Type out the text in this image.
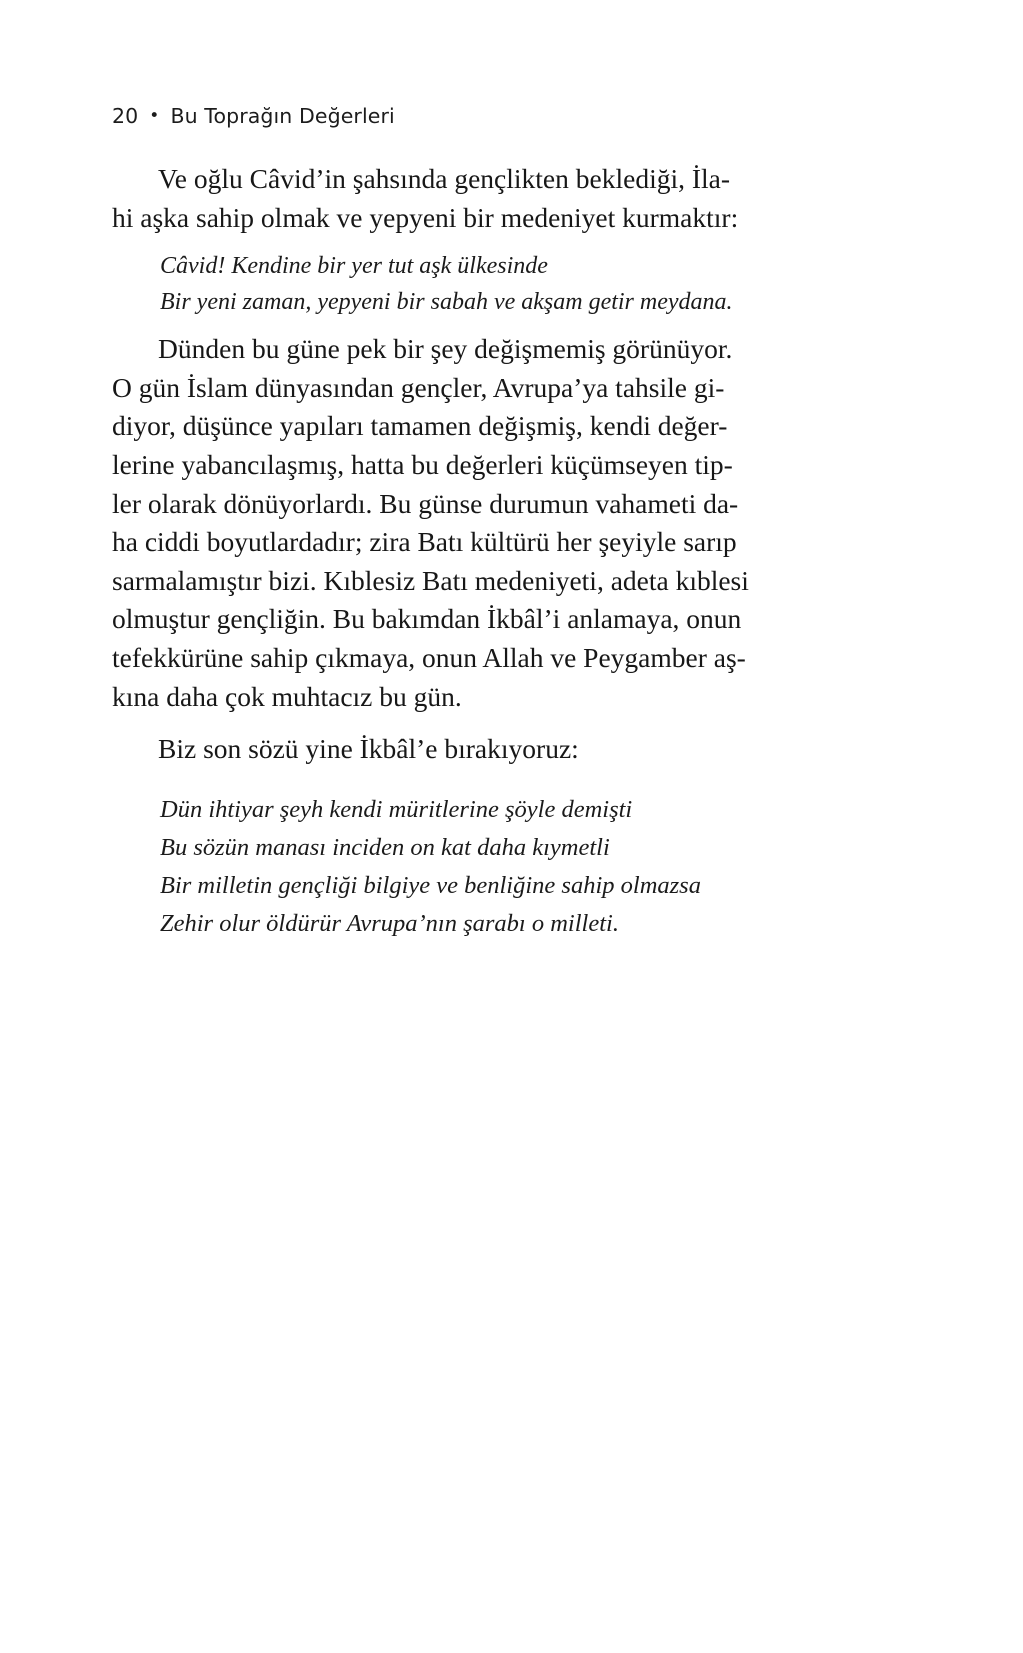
20 • Bu Toprağın Değerleri
Ve oğlu Câvid’in şahsında gençlikten beklediği, İla-
hi aşka sahip olmak ve yepyeni bir medeniyet kurmaktır:
Câvid! Kendine bir yer tut aşk ülkesinde
Bir yeni zaman, yepyeni bir sabah ve akşam getir meydana.
Dünden bu güne pek bir şey değişmemiş görünüyor.
O gün İslam dünyasından gençler, Avrupa’ya tahsile gi-
diyor, düşünce yapıları tamamen değişmiş, kendi değer-
lerine yabancılaşmış, hatta bu değerleri küçümseyen tip-
ler olarak dönüyorlardı. Bu günse durumun vahameti da-
ha ciddi boyutlardadır; zira Batı kültürü her şeyiyle sarıp
sarmalamıştır bizi. Kıblesiz Batı medeniyeti, adeta kıblesi
olmuştur gençliğin. Bu bakımdan İkbâl’i anlamaya, onun
tefekkürüne sahip çıkmaya, onun Allah ve Peygamber aş-
kına daha çok muhtacız bu gün.
Biz son sözü yine İkbâl’e bırakıyoruz:
Dün ihtiyar şeyh kendi müritlerine şöyle demişti
Bu sözün manası inciden on kat daha kıymetli
Bir milletin gençliği bilgiye ve benliğine sahip olmazsa
Zehir olur öldürür Avrupa’nın şarabı o milleti.
